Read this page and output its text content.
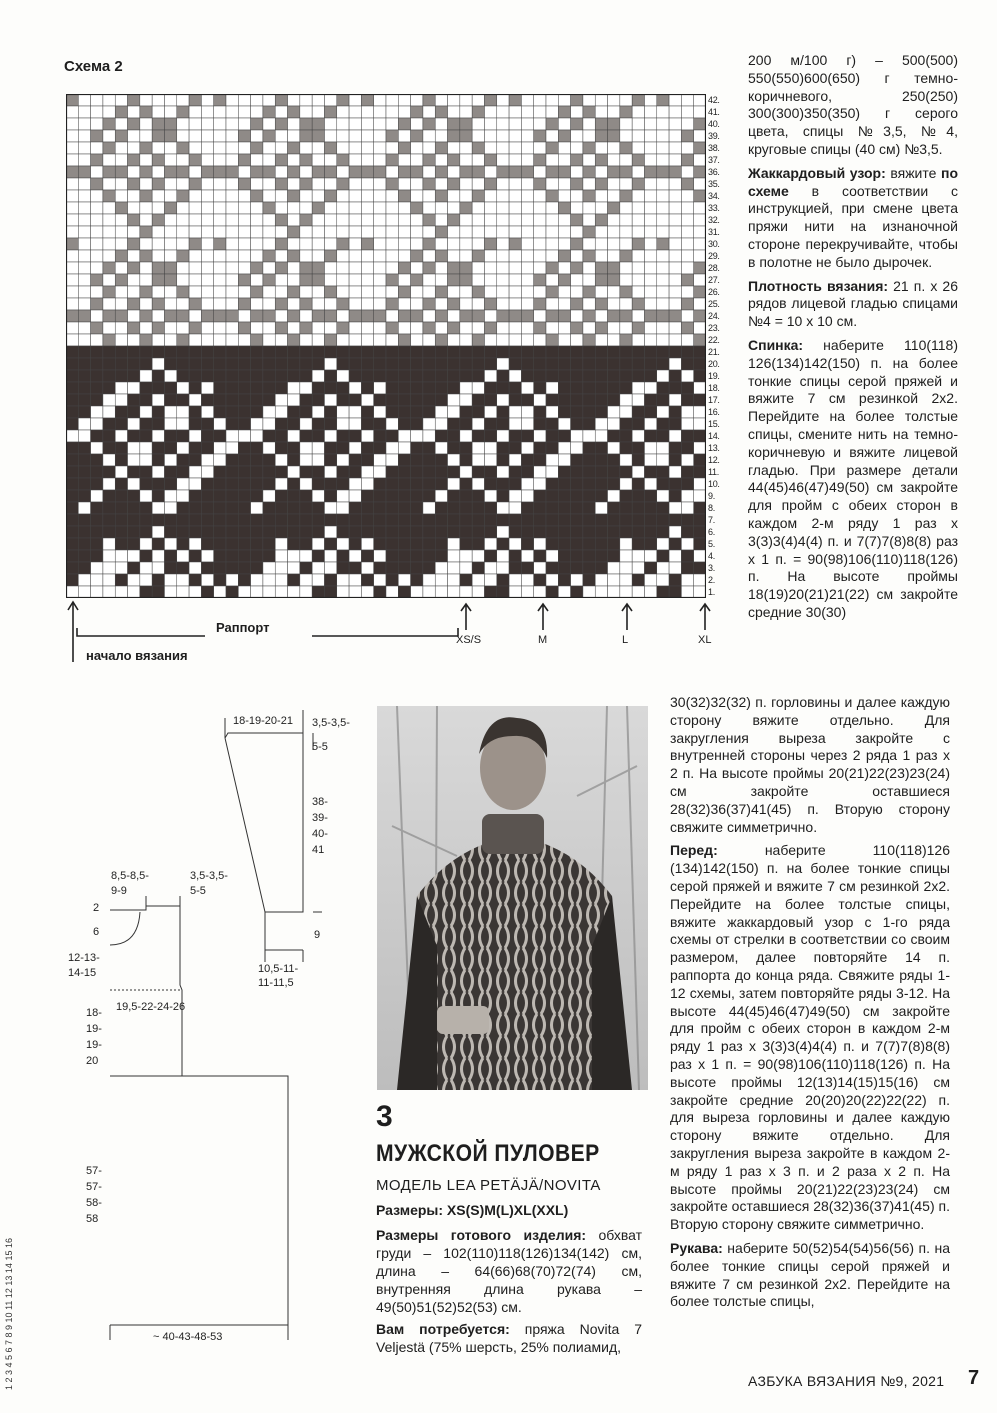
Схема 2
42.
41.
40.
39.
38.
37.
36.
35.
34.
33.
32.
31.
30.
29.
28.
27.
26.
25.
24.
23.
22.
21.
20.
19.
18.
17.
16.
15.
14.
13.
12.
11.
10.
9.
8.
7.
6.
5.
4.
3.
2.
1.
Раппорт
начало вязания
XS/S	M	L	XL

200 м/100 г) – 500(500) 550(550)600(650) г темно-коричневого, 250(250) 300(300)350(350) г серого цвета, спицы №3,5, №4, круговые спицы (40 см) №3,5.

Жаккардовый узор: вяжите по схеме в соответствии с инструкцией, при смене цвета пряжи нити на изнаночной стороне перекручивайте, чтобы в полотне не было дырочек.

Плотность вязания: 21 п. х 26 рядов лицевой гладью спицами №4 = 10 х 10 см.

Спинка: наберите 110(118) 126(134)142(150) п. на более тонкие спицы серой пряжей и вяжите 7 см резинкой 2х2. Перейдите на более толстые спицы, смените нить на темно-коричневую и вяжите лицевой гладью. При размере детали 44(45)46(47)49(50) см закройте для пройм с обеих сторон в каждом 2-м ряду 1 раз х 3(3)3(4)4(4) п. и 7(7)7(8)8(8) раз х 1 п. = 90(98)106(110)118(126) п. На высоте проймы 18(19)20(21)21(22) см закройте средние 30(30)

30(32)32(32) п. горловины и далее каждую сторону вяжите отдельно. Для закругления выреза закройте с внутренней стороны через 2 ряда 1 раз х 2 п. На высоте проймы 20(21)22(23)23(24) см закройте оставшиеся 28(32)36(37)41(45) п. Вторую сторону свяжите симметрично.

Перед:	наберите 110(118)126 (134)142(150) п. на более тонкие спицы серой пряжей и вяжите 7 см резинкой 2х2. Перейдите на более толстые спицы, вяжите жаккардовый узор с 1-го ряда схемы от стрелки в соответствии со своим размером, далее повторяйте 14 п. раппорта до конца ряда. Свяжите ряды 1-12 схемы, затем повторяйте ряды 3-12. На высоте 44(45)46(47)49(50) см закройте для пройм с обеих сторон в каждом 2-м ряду 1 раз х 3(3)3(4)4(4) п. и 7(7)7(8)8(8) раз х 1 п. = 90(98)106(110)118(126) п. На высоте проймы 12(13)14(15)15(16) см закройте средние 20(20)20(22)22(22) п. для выреза горловины и далее каждую сторону вяжите отдельно. Для закругления выреза закройте в каждом 2-м ряду 1 раз х 3 п. и 2 раза х 2 п. На высоте проймы 20(21)22(23)23(24) см закройте оставшиеся 28(32)36(37)41(45) п. Вторую сторону свяжите симметрично.

Рукава: наберите 50(52)54(54)56(56) п. на более тонкие спицы серой пряжей и вяжите 7 см резинкой 2х2. Перейдите на более толстые спицы,

3
МУЖСКОЙ ПУЛОВЕР
МОДЕЛЬ LEA PETÄJÄ/NOVITA
Размеры: XS(S)M(L)XL(XXL)

Размеры готового изделия: обхват груди – 102(110)118(126)134(142) см, длина – 64(66)68(70)72(74) см, внутренняя длина рукава – 49(50)51(52)52(53) см.

Вам потребуется: пряжа Novita 7 Veljestä (75% шерсть, 25% полиамид,

18-19-20-21 3,5-3,5-
5-5
38-
39-
40-
41
9
10,5-11-
11-11,5
8,5-8,5-
9-9
3,5-3,5-
5-5
2
6
12-13-
14-15
19,5-22-24-26
18-
19-
19-
20
57-
57-
58-
58
~ 40-43-48-53
АЗБУКА ВЯЗАНИЯ №9, 2021 7
1 2 3 4 5 6 7 8 9 10 11 12 13 14 15 16
